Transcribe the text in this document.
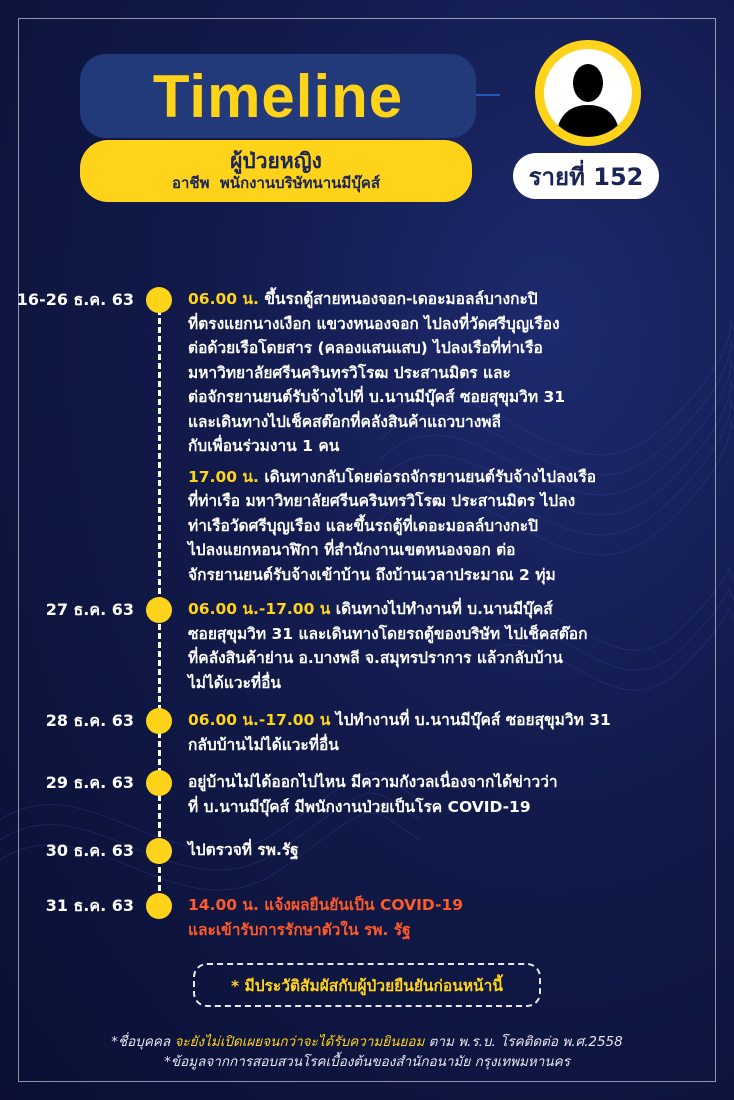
Timeline
ผู้ป่วยหญิง
อาชีพ พนักงานบริษัทนานมีบุ๊คส์	รายที่ 152
16-26 ธ.ค. 63	06.00 น. ขึ้นรถตู้สายหนองจอก-เดอะมอลล์บางกะปิ
ที่ตรงแยกนางเงือก แขวงหนองจอก ไปลงที่วัดศรีบุญเรือง
ต่อด้วยเรือโดยสาร (คลองแสนแสบ) ไปลงเรือที่ท่าเรือ
มหาวิทยาลัยศรีนครินทรวิโรฒ ประสานมิตร และ
ต่อจักรยานยนต์รับจ้างไปที่ บ.นานมีบุ๊คส์ ซอยสุขุมวิท 31
และเดินทางไปเช็คสต๊อกที่คลังสินค้าแถวบางพลี
กับเพื่อนร่วมงาน 1 คน
17.00 น. เดินทางกลับโดยต่อรถจักรยานยนต์รับจ้างไปลงเรือ
ที่ท่าเรือ มหาวิทยาลัยศรีนครินทรวิโรฒ ประสานมิตร ไปลง
ท่าเรือวัดศรีบุญเรือง และขึ้นรถตู้ที่เดอะมอลล์บางกะปิ
ไปลงแยกหอนาฬิกา ที่สำนักงานเขตหนองจอก ต่อ
จักรยานยนต์รับจ้างเข้าบ้าน ถึงบ้านเวลาประมาณ 2 ทุ่ม
27 ธ.ค. 63	06.00 น.-17.00 น เดินทางไปทำงานที่ บ.นานมีบุ๊คส์
ซอยสุขุมวิท 31 และเดินทางโดยรถตู้ของบริษัท ไปเช็คสต๊อก
ที่คลังสินค้าย่าน อ.บางพลี จ.สมุทรปราการ แล้วกลับบ้าน
ไม่ได้แวะที่อื่น
28 ธ.ค. 63	06.00 น.-17.00 น ไปทำงานที่ บ.นานมีบุ๊คส์ ซอยสุขุมวิท 31
กลับบ้านไม่ได้แวะที่อื่น
29 ธ.ค. 63	อยู่บ้านไม่ได้ออกไปไหน มีความกังวลเนื่องจากได้ข่าวว่า
ที่ บ.นานมีบุ๊คส์ มีพนักงานป่วยเป็นโรค COVID-19
30 ธ.ค. 63	ไปตรวจที่ รพ.รัฐ
31 ธ.ค. 63	14.00 น. แจ้งผลยืนยันเป็น COVID-19
และเข้ารับการรักษาตัวใน รพ. รัฐ
* มีประวัติสัมผัสกับผู้ป่วยยืนยันก่อนหน้านี้
*ชื่อบุคคล จะยังไม่เปิดเผยจนกว่าจะได้รับความยินยอม ตาม พ.ร.บ. โรคติดต่อ พ.ศ.2558
*ข้อมูลจากการสอบสวนโรคเบื้องต้นของสำนักอนามัย กรุงเทพมหานคร
